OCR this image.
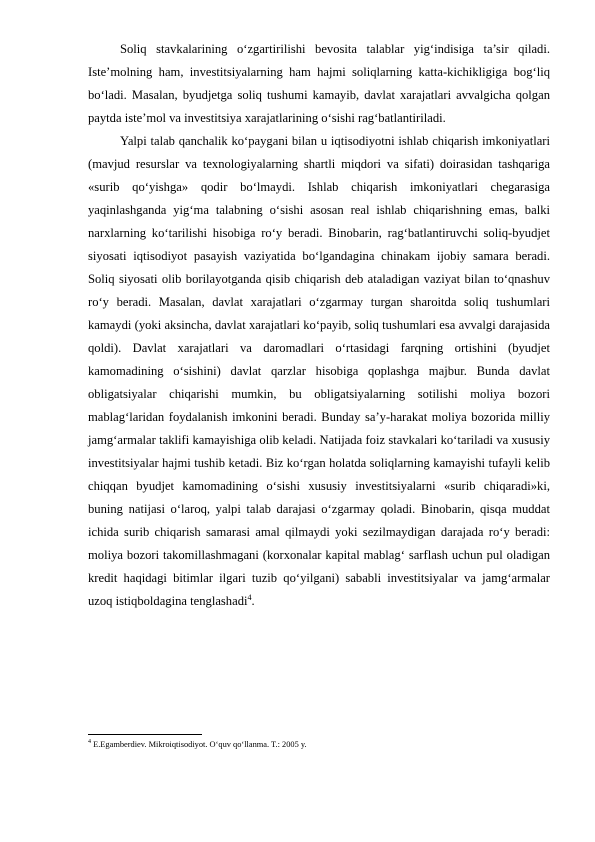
Soliq stavkalarining o‘zgartirilishi bevosita talablar yig‘indisiga ta’sir qiladi. Iste’molning ham, investitsiyalarning ham hajmi soliqlarning katta-kichikligiga bog‘liq bo‘ladi. Masalan, byudjetga soliq tushumi kamayib, davlat xarajatlari avvalgicha qolgan paytda iste’mol va investitsiya xarajatlarining o‘sishi rag‘batlantiriladi.

Yalpi talab qanchalik ko‘paygani bilan u iqtisodiyotni ishlab chiqarish imkoniyatlari (mavjud resurslar va texnologiyalarning shartli miqdori va sifati) doirasidan tashqariga «surib qo‘yishga» qodir bo‘lmaydi. Ishlab chiqarish imkoniyatlari chegarasiga yaqinlashganda yig‘ma talabning o‘sishi asosan real ishlab chiqarishning emas, balki narxlarning ko‘tarilishi hisobiga ro‘y beradi. Binobarin, rag‘batlantiruvchi soliq-byudjet siyosati iqtisodiyot pasayish vaziyatida bo‘lgandagina chinakam ijobiy samara beradi. Soliq siyosati olib borilayotganda qisib chiqarish deb ataladigan vaziyat bilan to‘qnashuv ro‘y beradi. Masalan, davlat xarajatlari o‘zgarmay turgan sharoitda soliq tushumlari kamaydi (yoki aksincha, davlat xarajatlari ko‘payib, soliq tushumlari esa avvalgi darajasida qoldi). Davlat xarajatlari va daromadlari o‘rtasidagi farqning ortishini (byudjet kamomadining o‘sishini) davlat qarzlar hisobiga qoplashga majbur. Bunda davlat obligatsiyalar chiqarishi mumkin, bu obligatsiyalarning sotilishi moliya bozori mablag‘laridan foydalanish imkonini beradi. Bunday sa’y-harakat moliya bozorida milliy jamg‘armalar taklifi kamayishiga olib keladi. Natijada foiz stavkalari ko‘tariladi va xususiy investitsiyalar hajmi tushib ketadi. Biz ko‘rgan holatda soliqlarning kamayishi tufayli kelib chiqqan byudjet kamomadining o‘sishi xususiy investitsiyalarni «surib chiqaradi»ki, buning natijasi o‘laroq, yalpi talab darajasi o‘zgarmay qoladi. Binobarin, qisqa muddat ichida surib chiqarish samarasi amal qilmaydi yoki sezilmaydigan darajada ro‘y beradi: moliya bozori takomillashmagani (korxonalar kapital mablag‘ sarflash uchun pul oladigan kredit haqidagi bitimlar ilgari tuzib qo‘yilgani) sababli investitsiyalar va jamg‘armalar uzoq istiqboldagina tenglashadi$^4$.

$^4$ E.Egamberdiev. Mikroiqtisodiyot. O‘quv qo‘llanma. T.: 2005 y.
